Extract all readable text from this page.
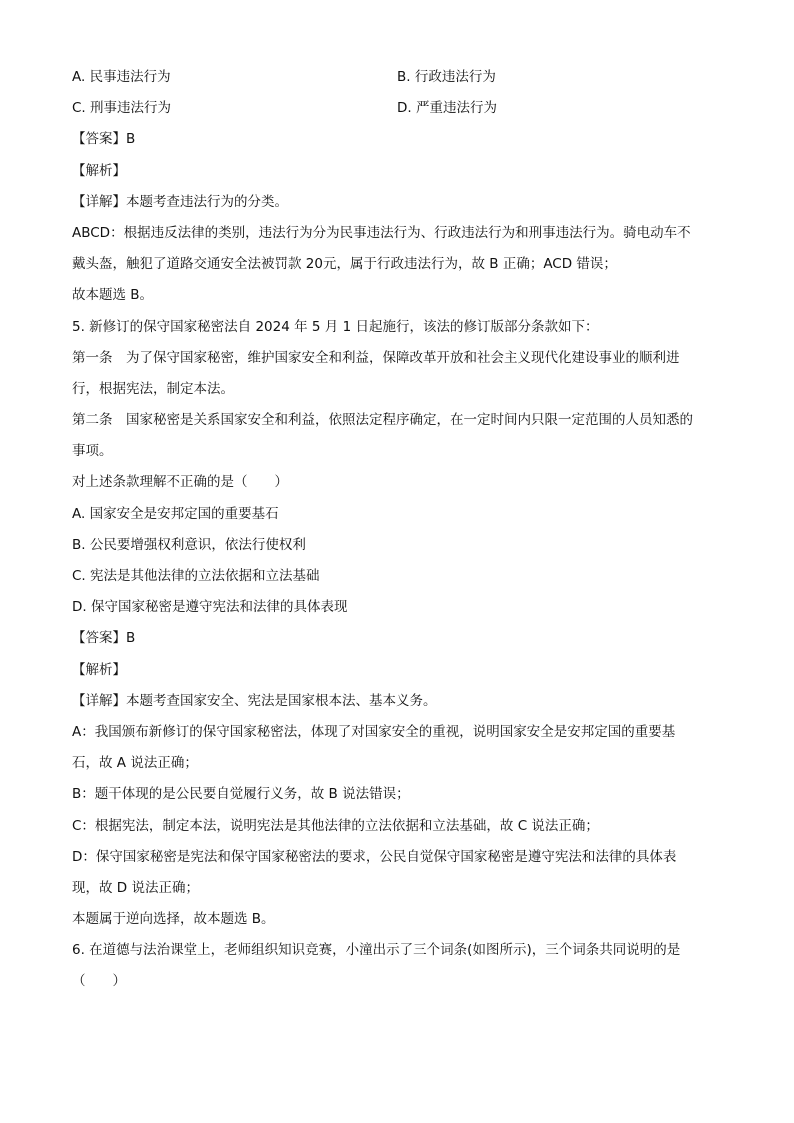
A. 民事违法行为	B. 行政违法行为
C. 刑事违法行为	D. 严重违法行为
【答案】B
【解析】
【详解】本题考查违法行为的分类。
ABCD：根据违反法律的类别，违法行为分为民事违法行为、行政违法行为和刑事违法行为。骑电动车不
戴头盔，触犯了道路交通安全法被罚款 20元，属于行政违法行为，故 B 正确；ACD 错误；
故本题选 B。
5. 新修订的保守国家秘密法自 2024 年 5 月 1 日起施行，该法的修订版部分条款如下：
第一条　为了保守国家秘密，维护国家安全和利益，保障改革开放和社会主义现代化建设事业的顺利进
行，根据宪法，制定本法。
第二条　国家秘密是关系国家安全和利益，依照法定程序确定，在一定时间内只限一定范围的人员知悉的
事项。
对上述条款理解不正确的是（　　）
A. 国家安全是安邦定国的重要基石
B. 公民要增强权利意识，依法行使权利
C. 宪法是其他法律的立法依据和立法基础
D. 保守国家秘密是遵守宪法和法律的具体表现
【答案】B
【解析】
【详解】本题考查国家安全、宪法是国家根本法、基本义务。
A：我国颁布新修订的保守国家秘密法，体现了对国家安全的重视，说明国家安全是安邦定国的重要基
石，故 A 说法正确；
B：题干体现的是公民要自觉履行义务，故 B 说法错误；
C：根据宪法，制定本法，说明宪法是其他法律的立法依据和立法基础，故 C 说法正确；
D：保守国家秘密是宪法和保守国家秘密法的要求，公民自觉保守国家秘密是遵守宪法和法律的具体表
现，故 D 说法正确；
本题属于逆向选择，故本题选 B。
6. 在道德与法治课堂上，老师组织知识竞赛，小潼出示了三个词条(如图所示)，三个词条共同说明的是
（　　）
